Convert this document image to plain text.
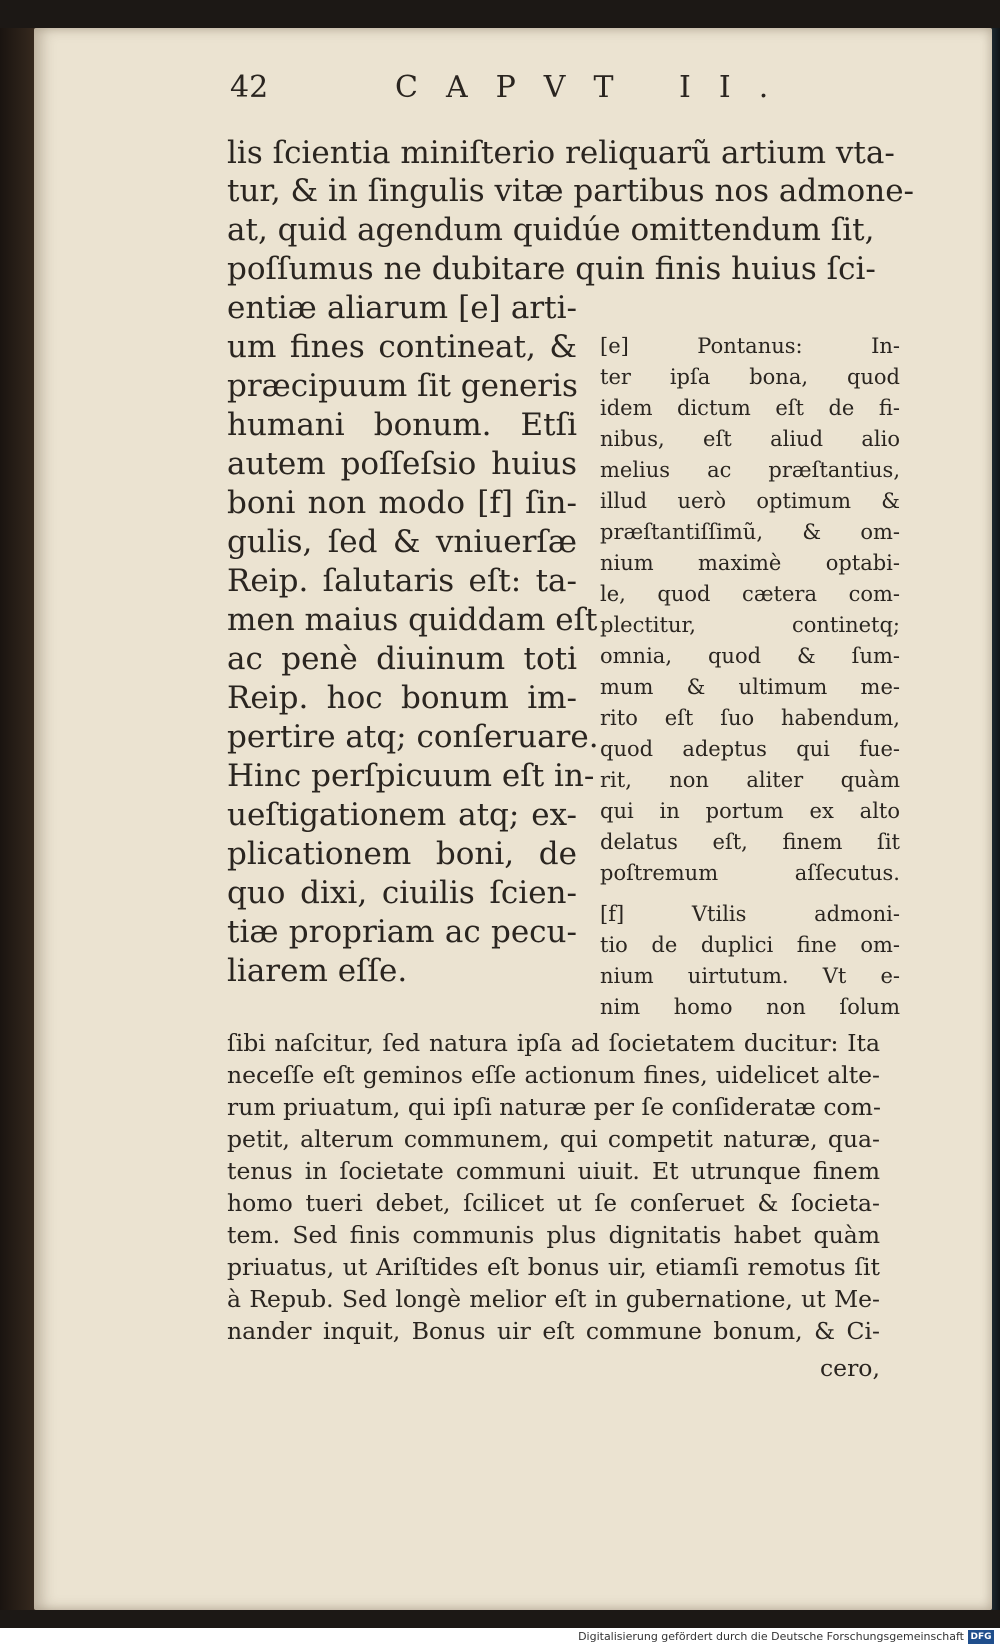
42	CAPVT II.
lis ſcientia miniſterio reliquarũ artium vta-
tur, & in ſingulis vitæ partibus nos admone-
at, quid agendum quidúe omittendum ſit,
poſſumus ne dubitare quin finis huius ſci-
entiæ aliarum [e] arti-
um fines contineat, &
præcipuum ſit generis
humani bonum. Etſi
autem poſſeſsio huius
boni non modo [f] ſin-
gulis, ſed & vniuerſæ
Reip. ſalutaris eſt: ta-
men maius quiddam eſt
ac penè diuinum toti
Reip. hoc bonum im-
pertire atq; conſeruare.
Hinc perſpicuum eſt in-
ueſtigationem atq; ex-
plicationem boni, de
quo dixi, ciuilis ſcien-
tiæ propriam ac pecu-
liarem eſſe.
[e] Pontanus: In-
ter ipſa bona, quod
idem dictum eſt de fi-
nibus, eſt aliud alio
melius ac præſtantius,
illud uerò optimum &
præſtantiſſimũ, & om-
nium maximè optabi-
le, quod cætera com-
plectitur, continetq;
omnia, quod & ſum-
mum & ultimum me-
rito eſt ſuo habendum,
quod adeptus qui fue-
rit, non aliter quàm
qui in portum ex alto
delatus eſt, finem ſit
poſtremum aſſecutus.
[f] Vtilis admoni-
tio de duplici fine om-
nium uirtutum. Vt e-
nim homo non ſolum
ſibi naſcitur, ſed natura ipſa ad ſocietatem ducitur: Ita
neceſſe eſt geminos eſſe actionum fines, uidelicet alte-
rum priuatum, qui ipſi naturæ per ſe conſideratæ com-
petit, alterum communem, qui competit naturæ, qua-
tenus in ſocietate communi uiuit. Et utrunque finem
homo tueri debet, ſcilicet ut ſe conſeruet & ſocieta-
tem. Sed finis communis plus dignitatis habet quàm
priuatus, ut Ariſtides eſt bonus uir, etiamſi remotus ſit
à Repub. Sed longè melior eſt in gubernatione, ut Me-
nander inquit, Bonus uir eſt commune bonum, & Ci-
cero,
Digitalisierung gefördert durch die Deutsche Forschungsgemeinschaft DFG
